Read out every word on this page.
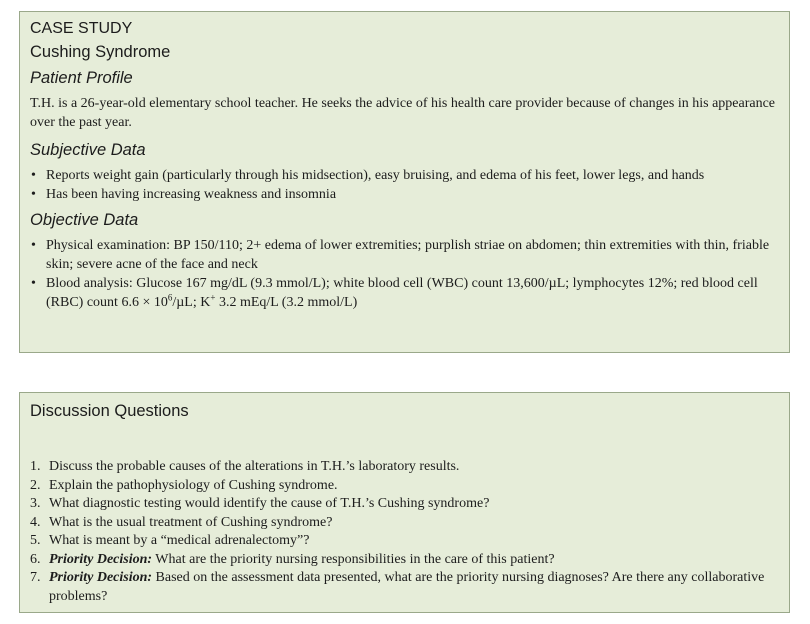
CASE STUDY
Cushing Syndrome
Patient Profile

T.H. is a 26-year-old elementary school teacher. He seeks the advice of his health care provider because of changes in his appearance over the past year.

Subjective Data
• Reports weight gain (particularly through his midsection), easy bruising, and edema of his feet, lower legs, and hands
• Has been having increasing weakness and insomnia
Objective Data
• Physical examination: BP 150/110; 2+ edema of lower extremities; purplish striae on abdomen; thin extremities with thin, friable skin; severe acne of the face and neck
• Blood analysis: Glucose 167 mg/dL (9.3 mmol/L); white blood cell (WBC) count 13,600/µL; lymphocytes 12%; red blood cell (RBC) count $6.6 \times 10^6/\mu L$; K+ 3.2 mEq/L (3.2 mmol/L)
Discussion Questions
1. Discuss the probable causes of the alterations in T.H.’s laboratory results.
2. Explain the pathophysiology of Cushing syndrome.
3. What diagnostic testing would identify the cause of T.H.’s Cushing syndrome?
4. What is the usual treatment of Cushing syndrome?
5. What is meant by a “medical adrenalectomy”?
6. Priority Decision: What are the priority nursing responsibilities in the care of this patient?
7. Priority Decision: Based on the assessment data presented, what are the priority nursing diagnoses? Are there any collaborative problems?
